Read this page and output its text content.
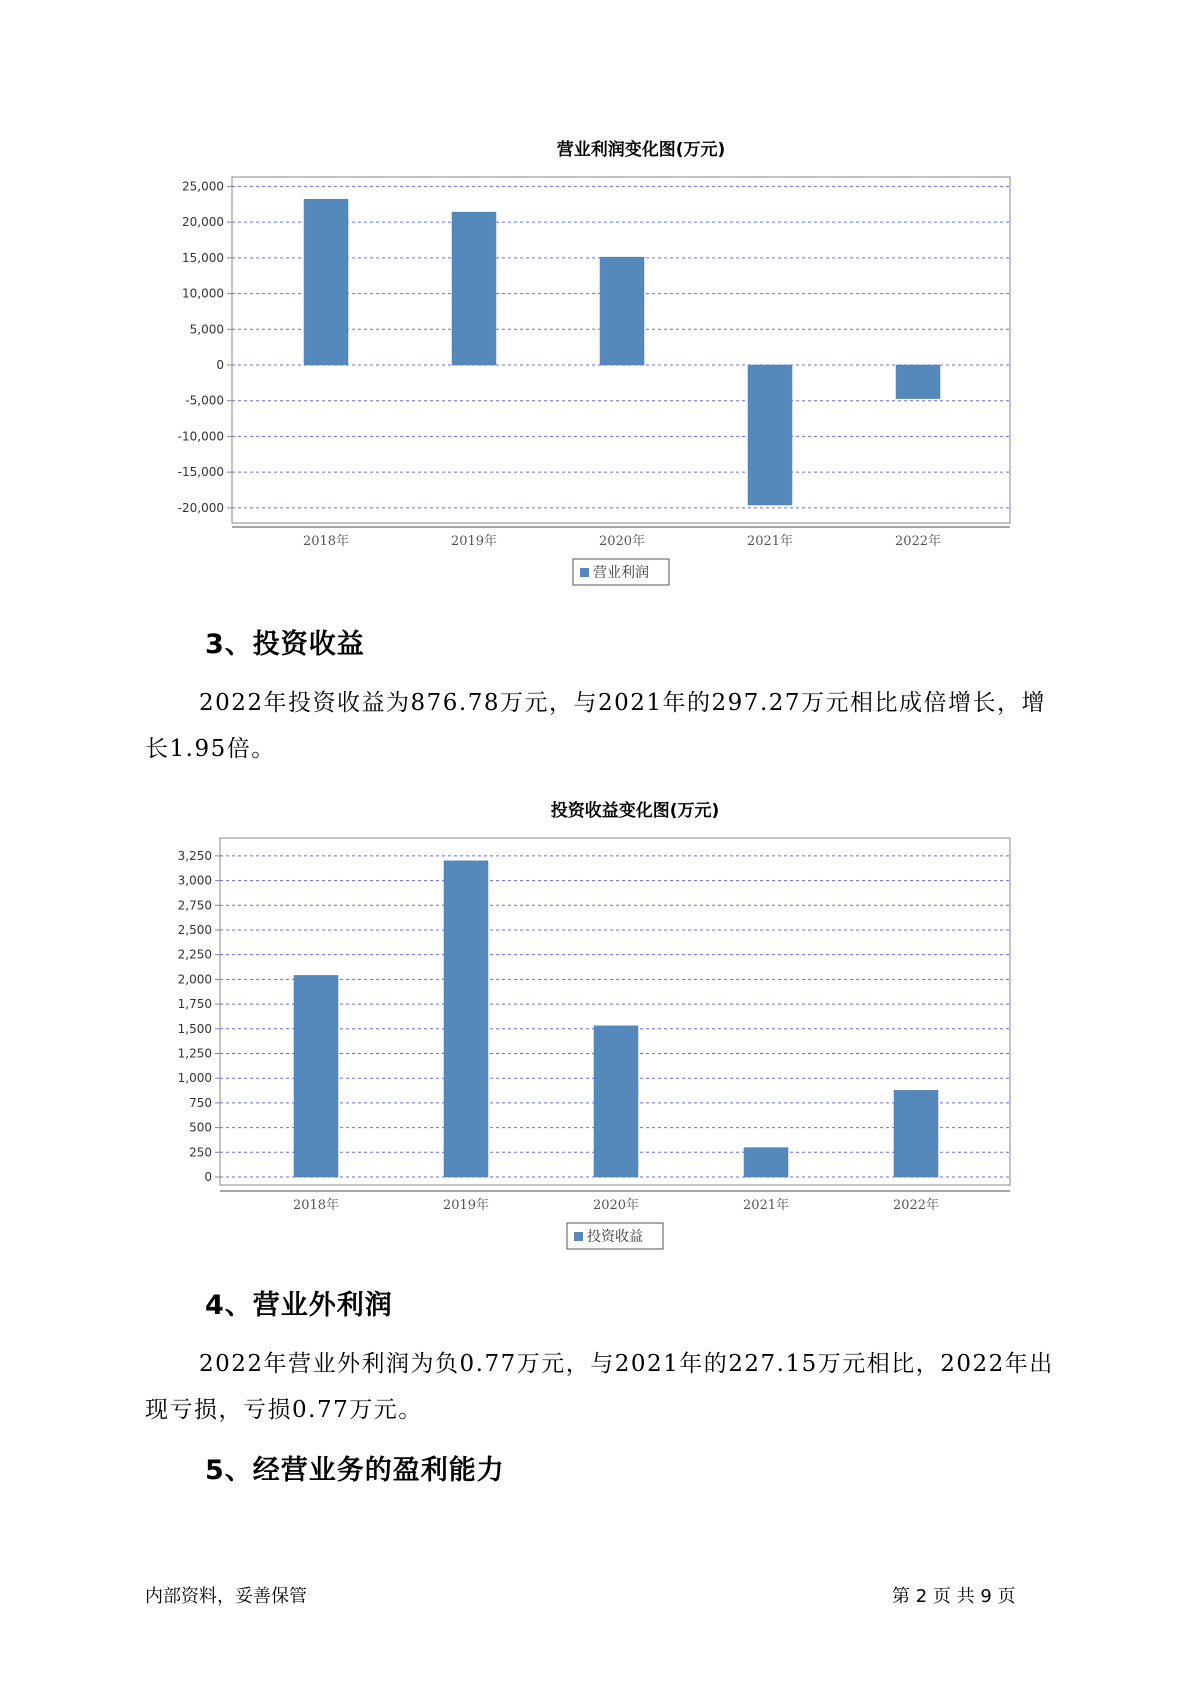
营业利润变化图(万元)
25,000
20,000
15,000
10,000
5,000
0
-5,000
-10,000
-15,000
-20,000
2018年	2019年	2020年	2021年	2022年
营业利润
3、投资收益

2022年投资收益为876.78万元，与2021年的297.27万元相比成倍增长，增长1.95倍。

投资收益变化图(万元)
3,250
3,000
2,750
2,500
2,250
2,000
1,750
1,500
1,250
1,000
750
500
250
0
2018年	2019年	2020年	2021年	2022年
投资收益
4、营业外利润

2022年营业外利润为负0.77万元，与2021年的227.15万元相比，2022年出现亏损，亏损0.77万元。

5、经营业务的盈利能力
内部资料，妥善保管	第 2 页 共 9 页
